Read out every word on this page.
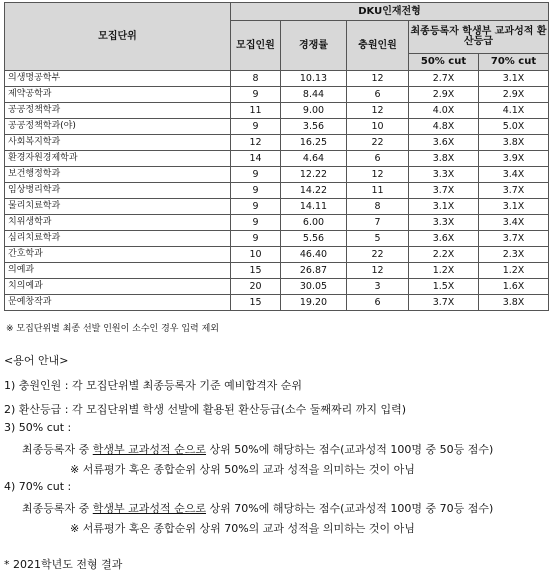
모집단위	DKU인재전형				
	모집인원	경쟁률	충원인원	최종등록자 학생부 교과성적 환산등급	
				50% cut	70% cut
의생명공학부	8	10.13	12	2.7X	3.1X
제약공학과	9	8.44	6	2.9X	2.9X
공공정책학과	11	9.00	12	4.0X	4.1X
공공정책학과(야)	9	3.56	10	4.8X	5.0X
사회복지학과	12	16.25	22	3.6X	3.8X
환경자원경제학과	14	4.64	6	3.8X	3.9X
보건행정학과	9	12.22	12	3.3X	3.4X
임상병리학과	9	14.22	11	3.7X	3.7X
물리치료학과	9	14.11	8	3.1X	3.1X
치위생학과	9	6.00	7	3.3X	3.4X
심리치료학과	9	5.56	5	3.6X	3.7X
간호학과	10	46.40	22	2.2X	2.3X
의예과	15	26.87	12	1.2X	1.2X
치의예과	20	30.05	3	1.5X	1.6X
문예창작과	15	19.20	6	3.7X	3.8X
※ 모집단위별 최종 선발 인원이 소수인 경우 입력 제외
<용어 안내>
1) 충원인원 : 각 모집단위별 최종등록자 기준 예비합격자 순위
2) 환산등급 : 각 모집단위별 학생 선발에 활용된 환산등급(소수 둘째짜리 까지 입력)
3) 50% cut :
최종등록자 중 학생부 교과성적 순으로 상위 50%에 해당하는 점수(교과성적 100명 중 50등 점수)
※ 서류평가 혹은 종합순위 상위 50%의 교과 성적을 의미하는 것이 아님
4) 70% cut :
최종등록자 중 학생부 교과성적 순으로 상위 70%에 해당하는 점수(교과성적 100명 중 70등 점수)
※ 서류평가 혹은 종합순위 상위 70%의 교과 성적을 의미하는 것이 아님
* 2021학년도 전형 결과
